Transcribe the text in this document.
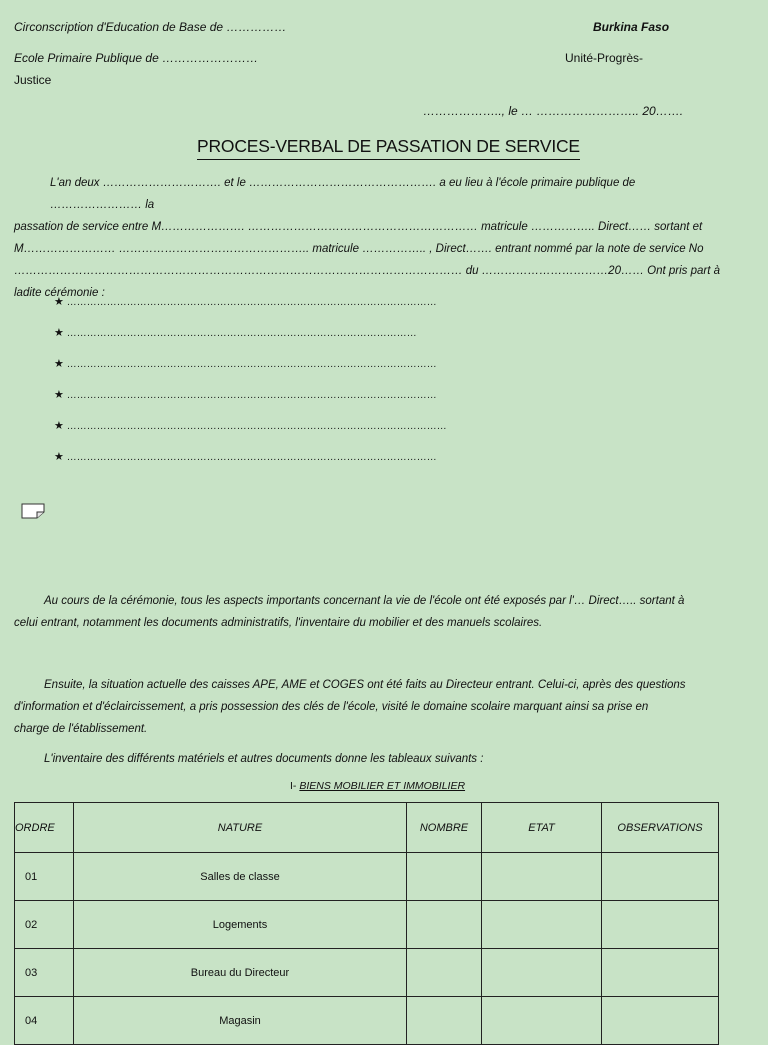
Circonscription d'Education de Base de ……………	Burkina Faso
Ecole Primaire Publique de ……………………	Unité-Progrès-
Justice
……………….., le … …………………….. 20…….
PROCES-VERBAL DE PASSATION DE SERVICE
L'an deux …………………………. et le …………………………………………. a eu lieu à l'école primaire publique de …………………… la
passation de service entre M…………………. …………………………………………………… matricule …………….. Direct…… sortant et
M…………………… ………………………………………….. matricule …………….. , Direct……. entrant nommé par la note de service No
……………………………………………………………………………………………………… du ……………………………20…… Ont pris part à
ladite cérémonie :
★ …………………………………………………………………………………………………
★ ……………………………………………………………………………………………
★ …………………………………………………………………………………………………
★ …………………………………………………………………………………………………
★ ……………………………………………………………………………………………………
★ …………………………………………………………………………………………………
Au cours de la cérémonie, tous les aspects importants concernant la vie de l'école ont été exposés par l'… Direct….. sortant à
celui entrant, notamment les documents administratifs, l'inventaire du mobilier et des manuels scolaires.
Ensuite, la situation actuelle des caisses APE, AME et COGES ont été faits au Directeur entrant. Celui-ci, après des questions
d'information et d'éclaircissement, a pris possession des clés de l'école, visité le domaine scolaire marquant ainsi sa prise en
charge de l'établissement.
L'inventaire des différents matériels et autres documents donne les tableaux suivants :
I- BIENS MOBILIER ET IMMOBILIER
ORDRE	NATURE	NOMBRE	ETAT	OBSERVATIONS
01	Salles de classe			
02	Logements			
03	Bureau du Directeur			
04	Magasin			
